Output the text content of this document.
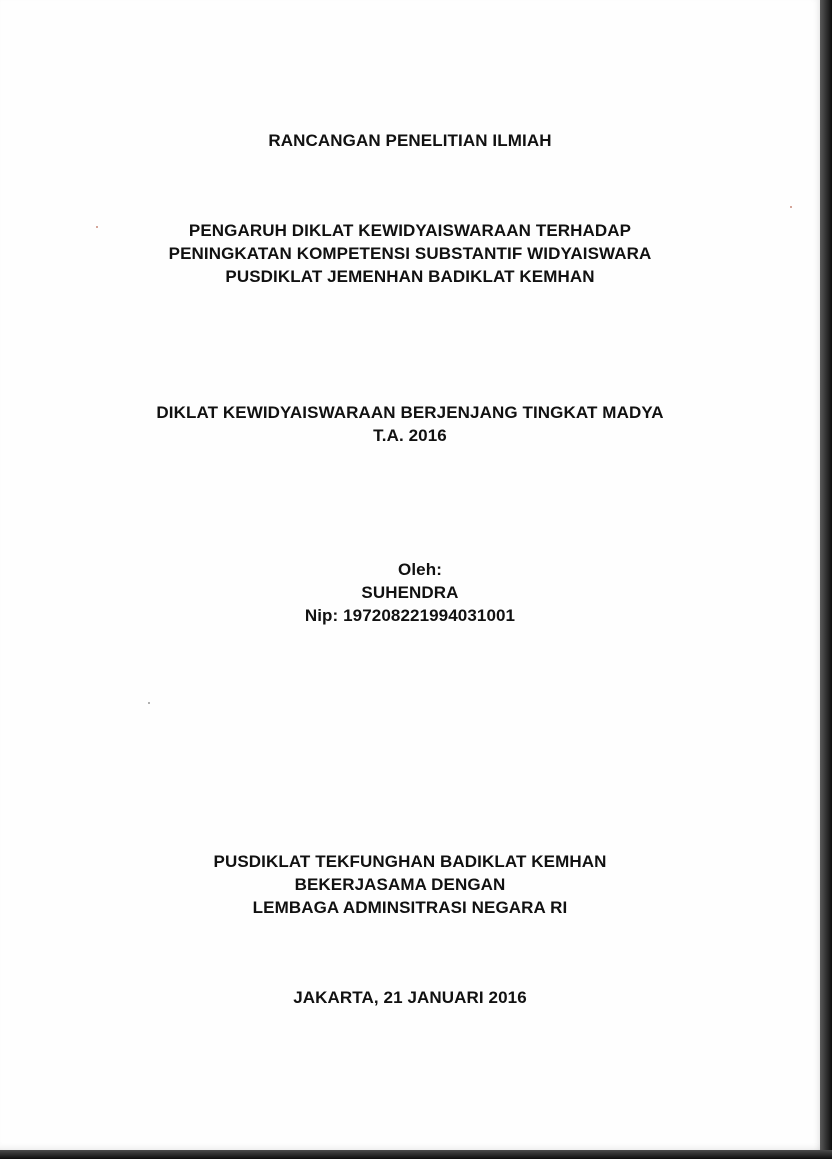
RANCANGAN PENELITIAN ILMIAH
PENGARUH DIKLAT KEWIDYAISWARAAN TERHADAP
PENINGKATAN KOMPETENSI SUBSTANTIF WIDYAISWARA
PUSDIKLAT JEMENHAN BADIKLAT KEMHAN
DIKLAT KEWIDYAISWARAAN BERJENJANG TINGKAT MADYA
T.A. 2016
Oleh:
SUHENDRA
Nip: 197208221994031001
PUSDIKLAT TEKFUNGHAN BADIKLAT KEMHAN
BEKERJASAMA DENGAN
LEMBAGA ADMINSITRASI NEGARA RI
JAKARTA, 21 JANUARI 2016
